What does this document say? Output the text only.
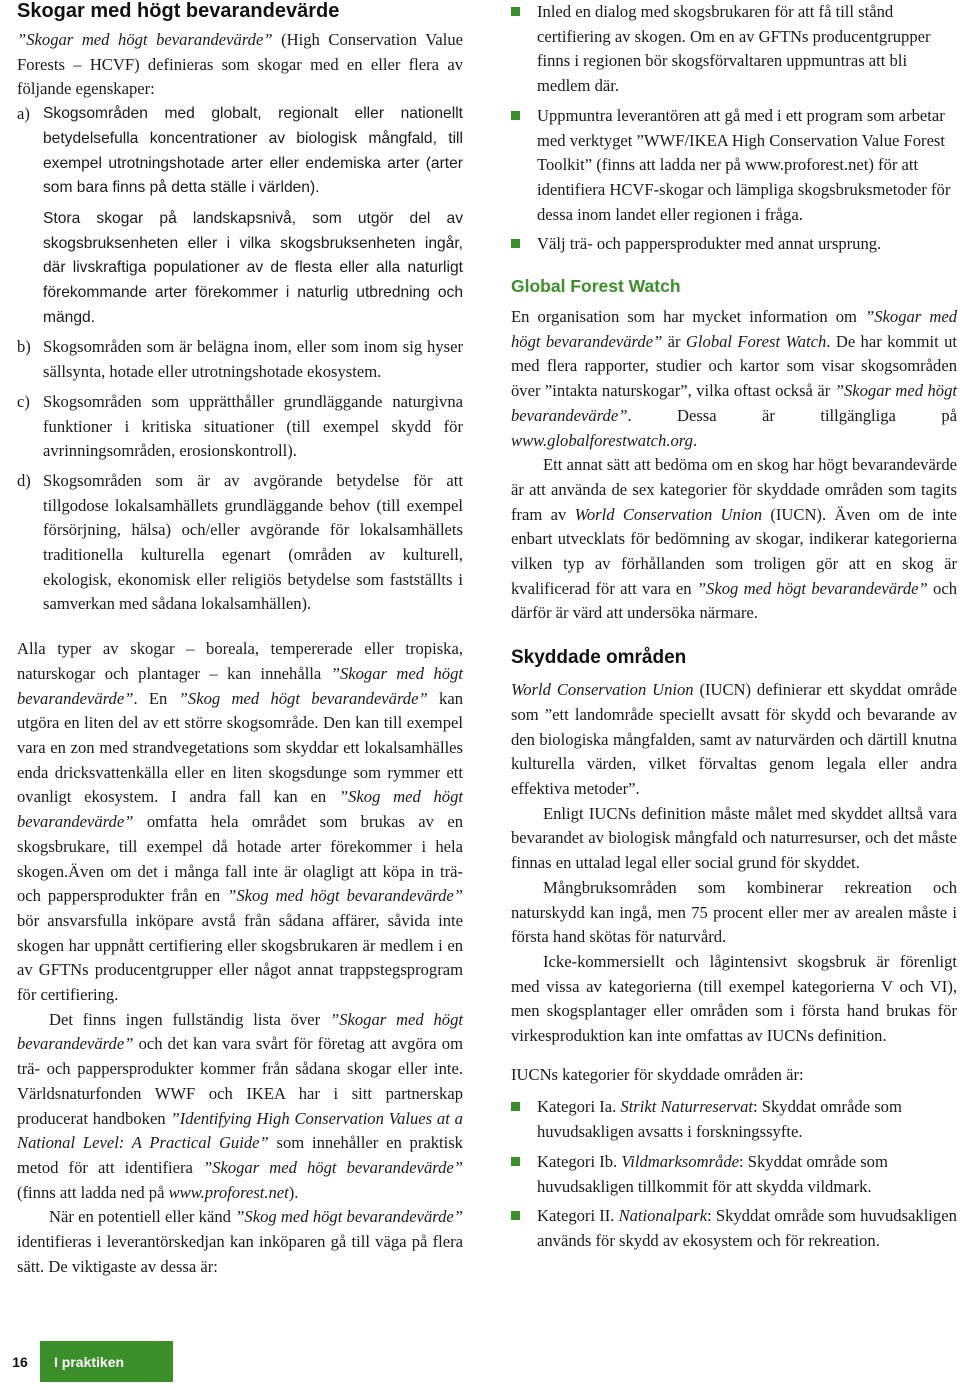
Skogar med högt bevarandevärde

”Skogar med högt bevarandevärde” (High Conservation Value Forests – HCVF) definieras som skogar med en eller flera av följande egenskaper:

a) Skogsområden med globalt, regionalt eller nationellt betydelsefulla koncentrationer av biologisk mångfald, till exempel utrotningshotade arter eller endemiska arter (arter som bara finns på detta ställe i världen).
Stora skogar på landskapsnivå, som utgör del av skogsbruksenheten eller i vilka skogsbruksenheten ingår, där livskraftiga populationer av de flesta eller alla naturligt förekommande arter förekommer i naturlig utbredning och mängd.
b) Skogsområden som är belägna inom, eller som inom sig hyser sällsynta, hotade eller utrotningshotade ekosystem.
c) Skogsområden som upprätthåller grundläggande naturgivna funktioner i kritiska situationer (till exempel skydd för avrinningsområden, erosionskontroll).
d) Skogsområden som är av avgörande betydelse för att tillgodose lokalsamhällets grundläggande behov (till exempel försörjning, hälsa) och/eller avgörande för lokalsamhällets traditionella kulturella egenart (områden av kulturell, ekologisk, ekonomisk eller religiös betydelse som fastställts i samverkan med sådana lokalsamhällen).

Alla typer av skogar – boreala, tempererade eller tropiska, naturskogar och plantager – kan innehålla ”Skogar med högt bevarandevärde”. En ”Skog med högt bevarandevärde” kan utgöra en liten del av ett större skogsområde. Den kan till exempel vara en zon med strandvegetations som skyddar ett lokalsamhälles enda dricksvattenkälla eller en liten skogsdunge som rymmer ett ovanligt ekosystem. I andra fall kan en ”Skog med högt bevarandevärde” omfatta hela området som brukas av en skogsbrukare, till exempel då hotade arter förekommer i hela skogen.Även om det i många fall inte är olagligt att köpa in trä- och pappersprodukter från en ”Skog med högt bevarandevärde” bör ansvarsfulla inköpare avstå från sådana affärer, såvida inte skogen har uppnått certifiering eller skogsbrukaren är medlem i en av GFTNs producentgrupper eller något annat trappstegsprogram för certifiering.

Det finns ingen fullständig lista över ”Skogar med högt bevarandevärde” och det kan vara svårt för företag att avgöra om trä- och pappersprodukter kommer från sådana skogar eller inte. Världsnaturfonden WWF och IKEA har i sitt partnerskap producerat handboken ”Identifying High Conservation Values at a National Level: A Practical Guide” som innehåller en praktisk metod för att identifiera ”Skogar med högt bevarandevärde” (finns att ladda ned på www.proforest.net).

När en potentiell eller känd ”Skog med högt bevarandevärde” identifieras i leverantörskedjan kan inköparen gå till väga på flera sätt. De viktigaste av dessa är:

Inled en dialog med skogsbrukaren för att få till stånd certifiering av skogen. Om en av GFTNs producentgrupper finns i regionen bör skogsförvaltaren uppmuntras att bli medlem där.
Uppmuntra leverantören att gå med i ett program som arbetar med verktyget ”WWF/IKEA High Conservation Value Forest Toolkit” (finns att ladda ner på www.proforest.net) för att identifiera HCVF-skogar och lämpliga skogsbruksmetoder för dessa inom landet eller regionen i fråga.
Välj trä- och pappersprodukter med annat ursprung.
Global Forest Watch

En organisation som har mycket information om ”Skogar med högt bevarandevärde” är Global Forest Watch. De har kommit ut med flera rapporter, studier och kartor som visar skogsområden över ”intakta naturskogar”, vilka oftast också är ”Skogar med högt bevarandevärde”. Dessa är tillgängliga på www.globalforestwatch.org.

Ett annat sätt att bedöma om en skog har högt bevarandevärde är att använda de sex kategorier för skyddade områden som tagits fram av World Conservation Union (IUCN). Även om de inte enbart utvecklats för bedömning av skogar, indikerar kategorierna vilken typ av förhållanden som troligen gör att en skog är kvalificerad för att vara en ”Skog med högt bevarandevärde” och därför är värd att undersöka närmare.

Skyddade områden

World Conservation Union (IUCN) definierar ett skyddat område som ”ett landområde speciellt avsatt för skydd och bevarande av den biologiska mångfalden, samt av naturvärden och därtill knutna kulturella värden, vilket förvaltas genom legala eller andra effektiva metoder”.

Enligt IUCNs definition måste målet med skyddet alltså vara bevarandet av biologisk mångfald och naturresurser, och det måste finnas en uttalad legal eller social grund för skyddet.

Mångbruksområden som kombinerar rekreation och naturskydd kan ingå, men 75 procent eller mer av arealen måste i första hand skötas för naturvård.

Icke-kommersiellt och lågintensivt skogsbruk är förenligt med vissa av kategorierna (till exempel kategorierna V och VI), men skogsplantager eller områden som i första hand brukas för virkesproduktion kan inte omfattas av IUCNs definition.

IUCNs kategorier för skyddade områden är:

Kategori Ia. Strikt Naturreservat: Skyddat område som huvudsakligen avsatts i forskningssyfte.
Kategori Ib. Vildmarksområde: Skyddat område som huvudsakligen tillkommit för att skydda vildmark.
Kategori II. Nationalpark: Skyddat område som huvudsakligen används för skydd av ekosystem och för rekreation.
16	I praktiken
